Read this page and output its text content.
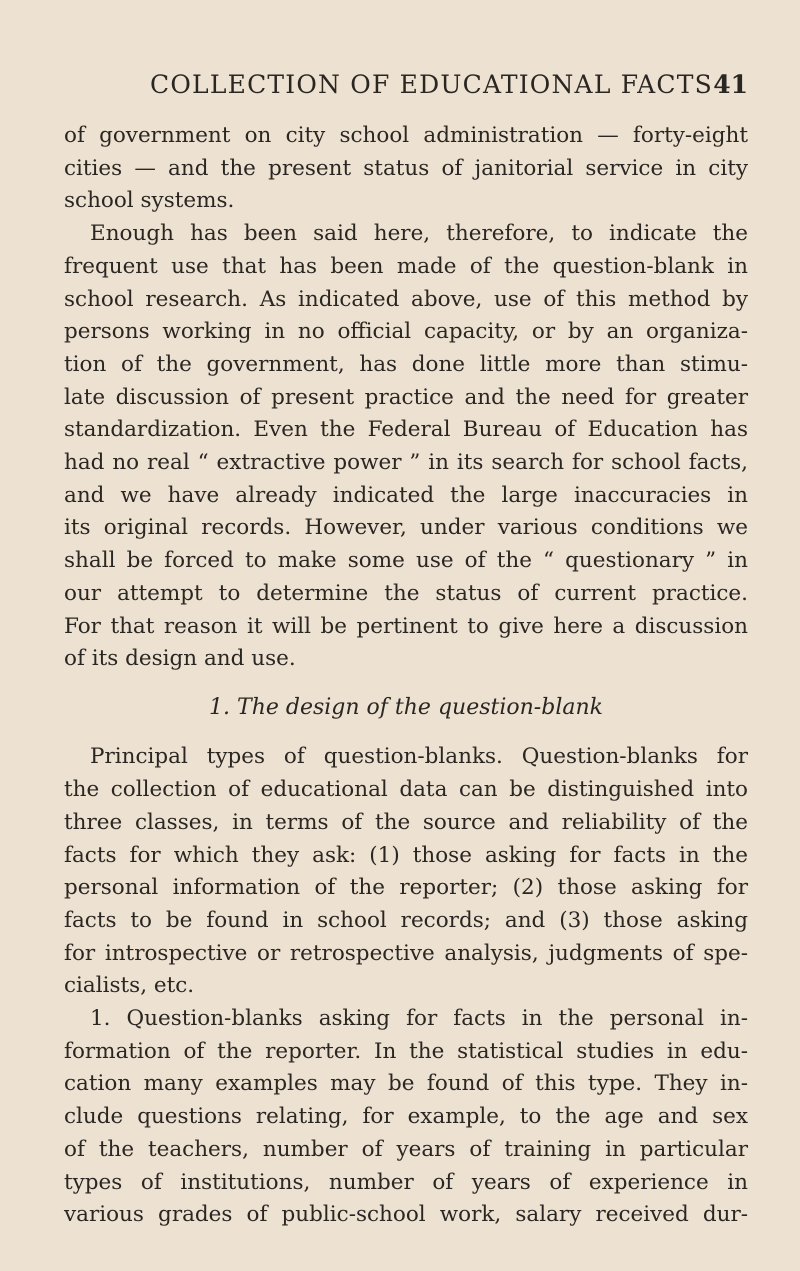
COLLECTION OF EDUCATIONAL FACTS 41
of government on city school administration — forty-eight
cities — and the present status of janitorial service in city
school systems.
Enough has been said here, therefore, to indicate the
frequent use that has been made of the question-blank in
school research. As indicated above, use of this method by
persons working in no official capacity, or by an organiza-
tion of the government, has done little more than stimu-
late discussion of present practice and the need for greater
standardization. Even the Federal Bureau of Education has
had no real “ extractive power ” in its search for school facts,
and we have already indicated the large inaccuracies in
its original records. However, under various conditions we
shall be forced to make some use of the “ questionary ” in
our attempt to determine the status of current practice.
For that reason it will be pertinent to give here a discussion
of its design and use.
1. The design of the question-blank
Principal types of question-blanks. Question-blanks for
the collection of educational data can be distinguished into
three classes, in terms of the source and reliability of the
facts for which they ask: (1) those asking for facts in the
personal information of the reporter; (2) those asking for
facts to be found in school records; and (3) those asking
for introspective or retrospective analysis, judgments of spe-
cialists, etc.
1. Question-blanks asking for facts in the personal in-
formation of the reporter. In the statistical studies in edu-
cation many examples may be found of this type. They in-
clude questions relating, for example, to the age and sex
of the teachers, number of years of training in particular
types of institutions, number of years of experience in
various grades of public-school work, salary received dur-
